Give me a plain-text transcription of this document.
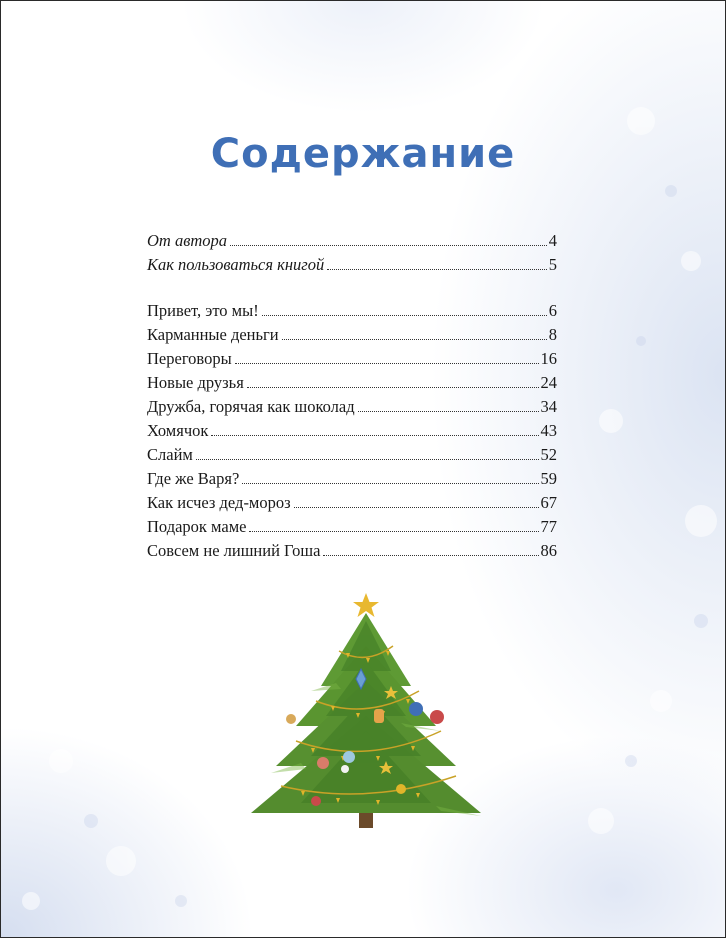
Содержание
От автора	4
Как пользоваться книгой	5
Привет, это мы!	6
Карманные деньги	8
Переговоры	16
Новые друзья	24
Дружба, горячая как шоколад	34
Хомячок	43
Слайм	52
Где же Варя?	59
Как исчез дед-мороз	67
Подарок маме	77
Совсем не лишний Гоша	86
